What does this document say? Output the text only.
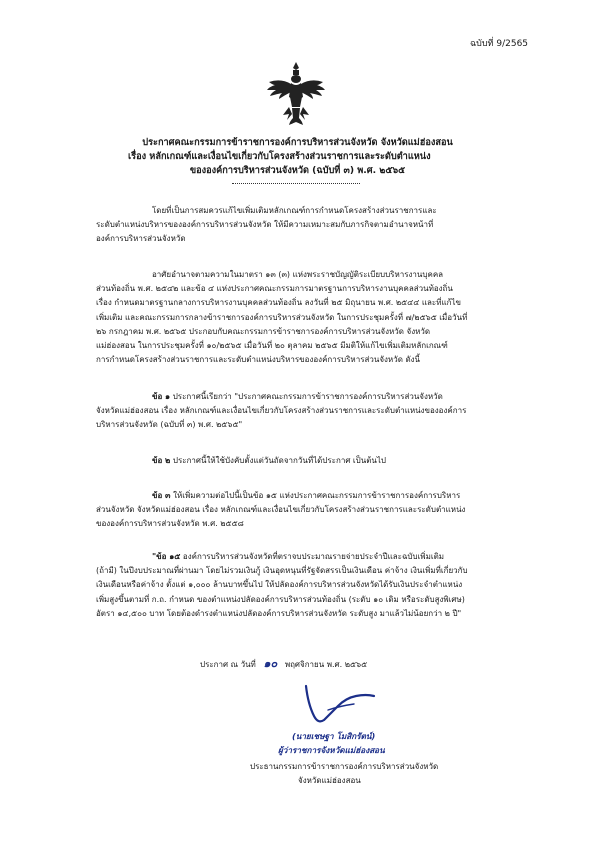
ฉบับที่ 9/2565
ประกาศคณะกรรมการข้าราชการองค์การบริหารส่วนจังหวัด จังหวัดแม่ฮ่องสอน
เรื่อง หลักเกณฑ์และเงื่อนไขเกี่ยวกับโครงสร้างส่วนราชการและระดับตำแหน่ง
ขององค์การบริหารส่วนจังหวัด (ฉบับที่ ๓) พ.ศ. ๒๕๖๕
โดยที่เป็นการสมควรแก้ไขเพิ่มเติมหลักเกณฑ์การกำหนดโครงสร้างส่วนราชการและ
ระดับตำแหน่งบริหารขององค์การบริหารส่วนจังหวัด ให้มีความเหมาะสมกับภารกิจตามอำนาจหน้าที่
องค์การบริหารส่วนจังหวัด
อาศัยอำนาจตามความในมาตรา ๑๓ (๓) แห่งพระราชบัญญัติระเบียบบริหารงานบุคคล
ส่วนท้องถิ่น พ.ศ. ๒๕๔๒ และข้อ ๔ แห่งประกาศคณะกรรมการมาตรฐานการบริหารงานบุคคลส่วนท้องถิ่น
เรื่อง กำหนดมาตรฐานกลางการบริหารงานบุคคลส่วนท้องถิ่น ลงวันที่ ๒๕ มิถุนายน พ.ศ. ๒๕๔๔ และที่แก้ไข
เพิ่มเติม และคณะกรรมการกลางข้าราชการองค์การบริหารส่วนจังหวัด ในการประชุมครั้งที่ ๗/๒๕๖๕ เมื่อวันที่
๒๖ กรกฎาคม พ.ศ. ๒๕๖๕ ประกอบกับคณะกรรมการข้าราชการองค์การบริหารส่วนจังหวัด จังหวัด
แม่ฮ่องสอน ในการประชุมครั้งที่ ๑๐/๒๕๖๕ เมื่อวันที่ ๒๐ ตุลาคม ๒๕๖๕ มีมติให้แก้ไขเพิ่มเติมหลักเกณฑ์
การกำหนดโครงสร้างส่วนราชการและระดับตำแหน่งบริหารขององค์การบริหารส่วนจังหวัด ดังนี้
ข้อ ๑ ประกาศนี้เรียกว่า "ประกาศคณะกรรมการข้าราชการองค์การบริหารส่วนจังหวัด
จังหวัดแม่ฮ่องสอน เรื่อง หลักเกณฑ์และเงื่อนไขเกี่ยวกับโครงสร้างส่วนราชการและระดับตำแหน่งขององค์การ
บริหารส่วนจังหวัด (ฉบับที่ ๓) พ.ศ. ๒๕๖๕"
ข้อ ๒ ประกาศนี้ให้ใช้บังคับตั้งแต่วันถัดจากวันที่ได้ประกาศ เป็นต้นไป
ข้อ ๓ ให้เพิ่มความต่อไปนี้เป็นข้อ ๑๕ แห่งประกาศคณะกรรมการข้าราชการองค์การบริหาร
ส่วนจังหวัด จังหวัดแม่ฮ่องสอน เรื่อง หลักเกณฑ์และเงื่อนไขเกี่ยวกับโครงสร้างส่วนราชการและระดับตำแหน่ง
ขององค์การบริหารส่วนจังหวัด พ.ศ. ๒๕๕๘
"ข้อ ๑๕ องค์การบริหารส่วนจังหวัดที่ตราจบประมาณรายจ่ายประจำปีและฉบับเพิ่มเติม
(ถ้ามี) ในปีงบประมาณที่ผ่านมา โดยไม่รวมเงินกู้ เงินอุดหนุนที่รัฐจัดสรรเป็นเงินเดือน ค่าจ้าง เงินเพิ่มที่เกี่ยวกับ
เงินเดือนหรือค่าจ้าง ตั้งแต่ ๑,๐๐๐ ล้านบาทขึ้นไป ให้ปลัดองค์การบริหารส่วนจังหวัดได้รับเงินประจำตำแหน่ง
เพิ่มสูงขึ้นตามที่ ก.ถ. กำหนด ของตำแหน่งปลัดองค์การบริหารส่วนท้องถิ่น (ระดับ ๑๐ เดิม หรือระดับสูงพิเศษ)
อัตรา ๑๔,๕๐๐ บาท โดยต้องดำรงตำแหน่งปลัดองค์การบริหารส่วนจังหวัด ระดับสูง มาแล้วไม่น้อยกว่า ๒ ปี"
ประกาศ ณ วันที่ ๑๐ พฤศจิกายน พ.ศ. ๒๕๖๕
(นายเชษฐา โมสิกรัตน์)
ผู้ว่าราชการจังหวัดแม่ฮ่องสอน
ประธานกรรมการข้าราชการองค์การบริหารส่วนจังหวัด
จังหวัดแม่ฮ่องสอน
